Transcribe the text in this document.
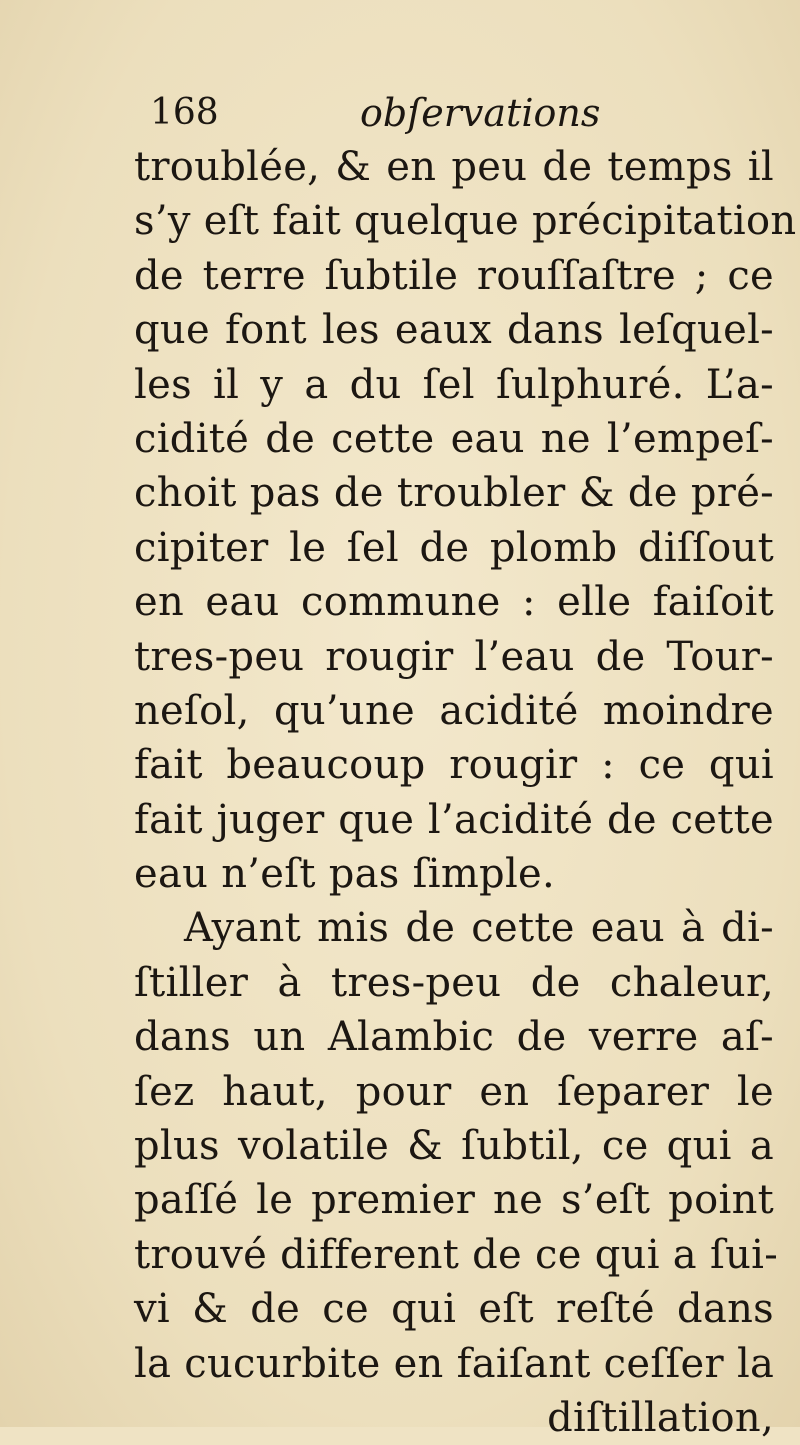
168	obſervations
troublée, & en peu de temps il
s’y eſt fait quelque précipitation
de terre ſubtile rouſſaſtre ; ce
que font les eaux dans leſquel-
les il y a du ſel ſulphuré. L’a-
cidité de cette eau ne l’empeſ-
choit pas de troubler & de pré-
cipiter le ſel de plomb diſſout
en eau commune : elle faiſoit
tres-peu rougir l’eau de Tour-
neſol, qu’une acidité moindre
fait beaucoup rougir : ce qui
fait juger que l’acidité de cette
eau n’eſt pas ſimple.
Ayant mis de cette eau à di-
ſtiller à tres-peu de chaleur,
dans un Alambic de verre aſ-
ſez haut, pour en ſeparer le
plus volatile & ſubtil, ce qui a
paſſé le premier ne s’eſt point
trouvé different de ce qui a ſui-
vi & de ce qui eſt reſté dans
la cucurbite en faiſant ceſſer la
diſtillation,
